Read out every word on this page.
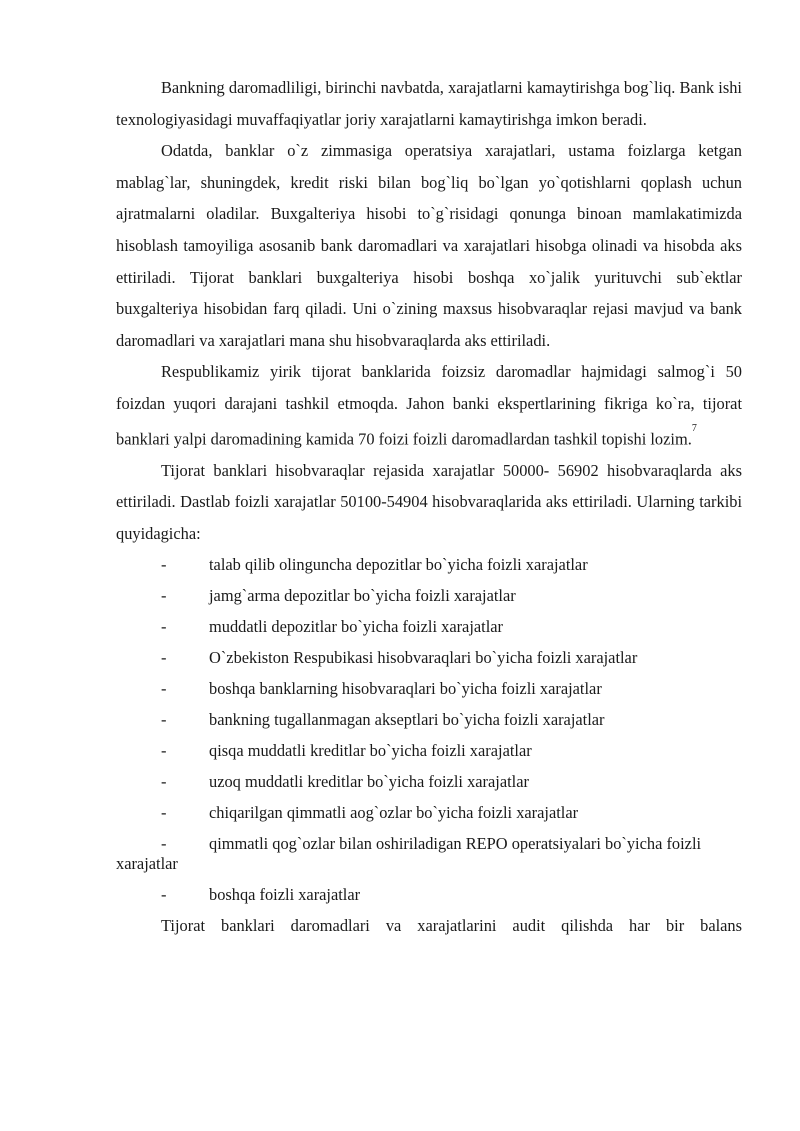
Bankning daromadliligi, birinchi navbatda, xarajatlarni kamaytirishga bog`liq. Bank ishi texnologiyasidagi muvaffaqiyatlar joriy xarajatlarni kamaytirishga imkon beradi.

Odatda, banklar o`z zimmasiga operatsiya xarajatlari, ustama foizlarga ketgan mablag`lar, shuningdek, kredit riski bilan bog`liq bo`lgan yo`qotishlarni qoplash uchun ajratmalarni oladilar. Buxgalteriya hisobi to`g`risidagi qonunga binoan mamlakatimizda hisoblash tamoyiliga asosanib bank daromadlari va xarajatlari hisobga olinadi va hisobda aks ettiriladi. Tijorat banklari buxgalteriya hisobi boshqa xo`jalik yurituvchi sub`ektlar buxgalteriya hisobidan farq qiladi. Uni o`zining maxsus hisobvaraqlar rejasi mavjud va bank daromadlari va xarajatlari mana shu hisobvaraqlarda aks ettiriladi.

Respublikamiz yirik tijorat banklarida foizsiz daromadlar hajmidagi salmog`i 50 foizdan yuqori darajani tashkil etmoqda. Jahon banki ekspertlarining fikriga ko`ra, tijorat banklari yalpi daromadining kamida 70 foizi foizli daromadlardan tashkil topishi lozim.$^7$

Tijorat banklari hisobvaraqlar rejasida xarajatlar 50000- 56902 hisobvaraqlarda aks ettiriladi. Dastlab foizli xarajatlar 50100-54904 hisobvaraqlarida aks ettiriladi. Ularning tarkibi quyidagicha:

-	talab qilib olinguncha depozitlar bo`yicha foizli xarajatlar
-	jamg`arma depozitlar bo`yicha foizli xarajatlar
-	muddatli depozitlar bo`yicha foizli xarajatlar
-	O`zbekiston Respubikasi hisobvaraqlari bo`yicha foizli xarajatlar
-	boshqa banklarning hisobvaraqlari bo`yicha foizli xarajatlar
-	bankning tugallanmagan akseptlari bo`yicha foizli xarajatlar
-	qisqa muddatli kreditlar bo`yicha foizli xarajatlar
-	uzoq muddatli kreditlar bo`yicha foizli xarajatlar
-	chiqarilgan qimmatli aog`ozlar bo`yicha foizli xarajatlar
-	qimmatli qog`ozlar bilan oshiriladigan REPO operatsiyalari bo`yicha foizli xarajatlar
-	boshqa foizli xarajatlar

Tijorat banklari daromadlari va xarajatlarini audit qilishda har bir balans
